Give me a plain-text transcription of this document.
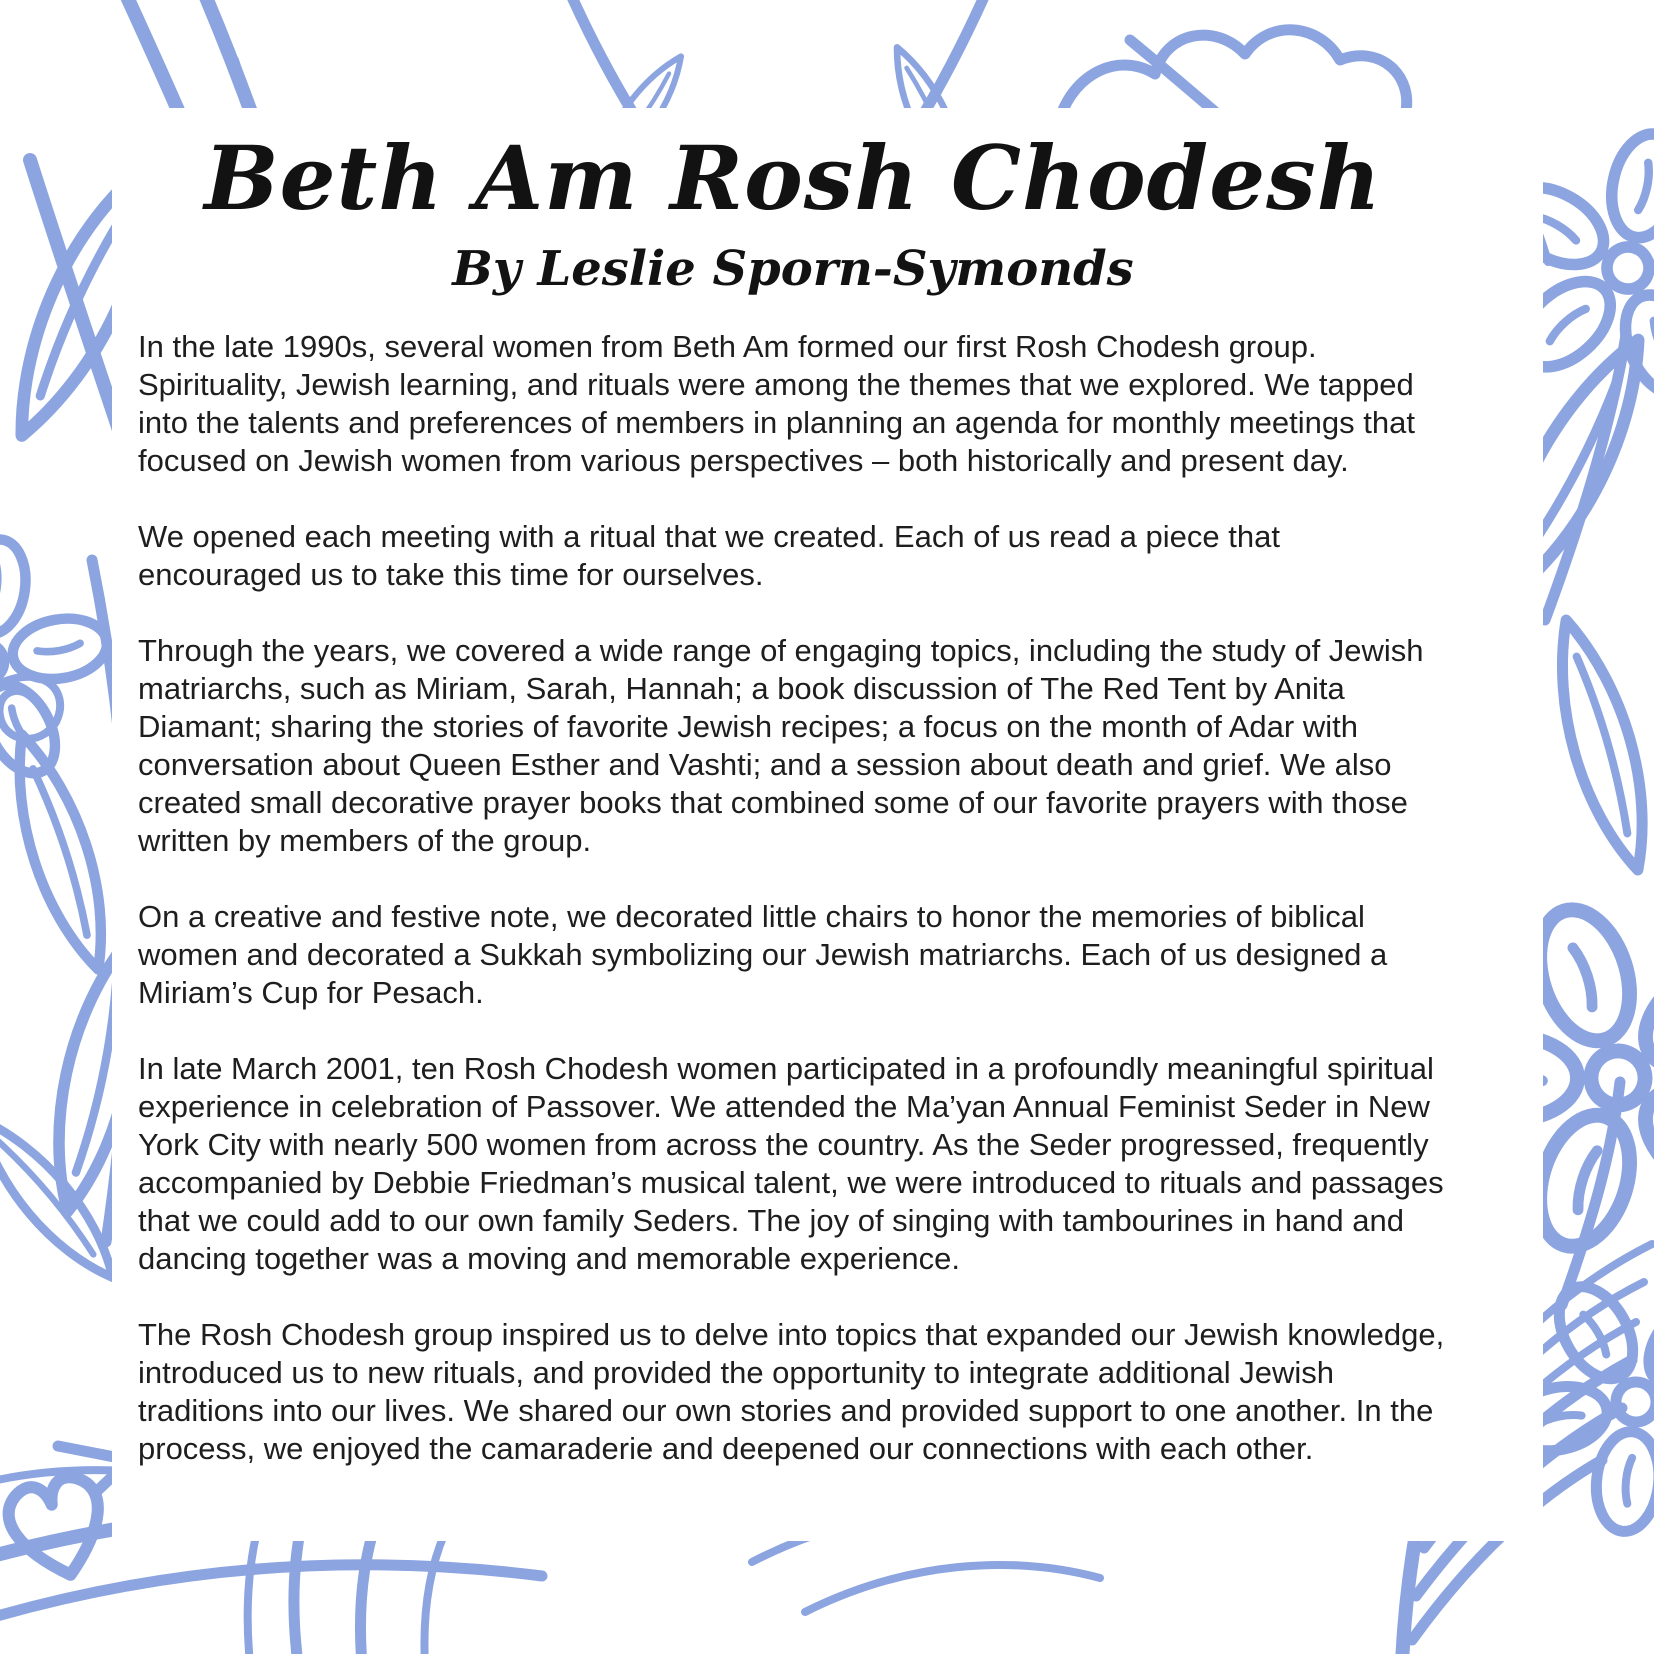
Beth Am Rosh Chodesh
By Leslie Sporn-Symonds

In the late 1990s, several women from Beth Am formed our first Rosh Chodesh group. Spirituality, Jewish learning, and rituals were among the themes that we explored. We tapped into the talents and preferences of members in planning an agenda for monthly meetings that focused on Jewish women from various perspectives – both historically and present day.

We opened each meeting with a ritual that we created. Each of us read a piece that encouraged us to take this time for ourselves.

Through the years, we covered a wide range of engaging topics, including the study of Jewish matriarchs, such as Miriam, Sarah, Hannah; a book discussion of The Red Tent by Anita Diamant; sharing the stories of favorite Jewish recipes; a focus on the month of Adar with conversation about Queen Esther and Vashti; and a session about death and grief. We also created small decorative prayer books that combined some of our favorite prayers with those written by members of the group.

On a creative and festive note, we decorated little chairs to honor the memories of biblical women and decorated a Sukkah symbolizing our Jewish matriarchs. Each of us designed a Miriam’s Cup for Pesach.

In late March 2001, ten Rosh Chodesh women participated in a profoundly meaningful spiritual experience in celebration of Passover. We attended the Ma’yan Annual Feminist Seder in New York City with nearly 500 women from across the country. As the Seder progressed, frequently accompanied by Debbie Friedman’s musical talent, we were introduced to rituals and passages that we could add to our own family Seders. The joy of singing with tambourines in hand and dancing together was a moving and memorable experience.

The Rosh Chodesh group inspired us to delve into topics that expanded our Jewish knowledge, introduced us to new rituals, and provided the opportunity to integrate additional Jewish traditions into our lives. We shared our own stories and provided support to one another. In the process, we enjoyed the camaraderie and deepened our connections with each other.
